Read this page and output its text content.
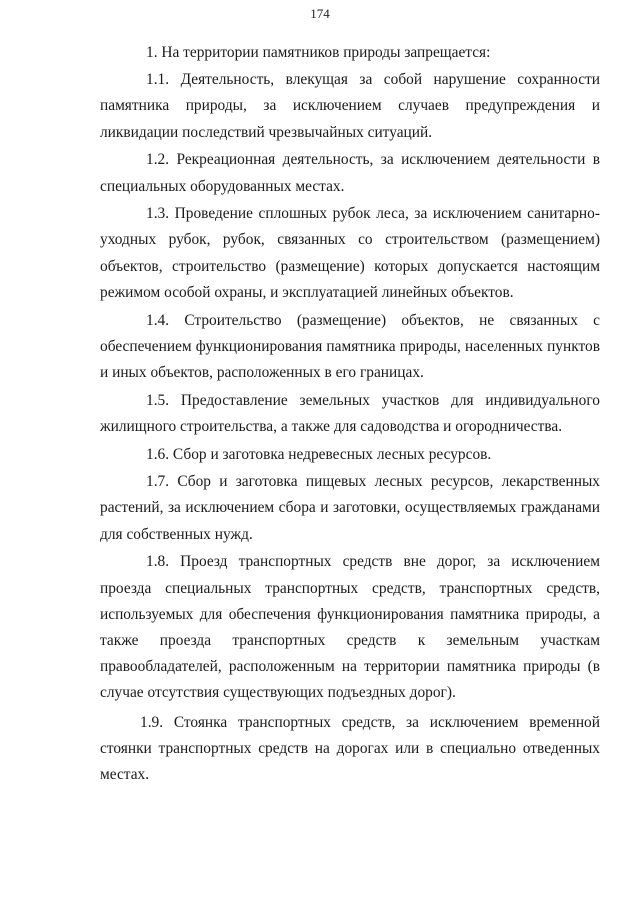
174

1. На территории памятников природы запрещается:

1.1. Деятельность, влекущая за собой нарушение сохранности памятника природы, за исключением случаев предупреждения и ликвидации последствий чрезвычайных ситуаций.

1.2. Рекреационная деятельность, за исключением деятельности в специальных оборудованных местах.

1.3. Проведение сплошных рубок леса, за исключением санитарно-уходных рубок, рубок, связанных со строительством (размещением) объектов, строительство (размещение) которых допускается настоящим режимом особой охраны, и эксплуатацией линейных объектов.

1.4. Строительство (размещение) объектов, не связанных с обеспечением функционирования памятника природы, населенных пунктов и иных объектов, расположенных в его границах.

1.5. Предоставление земельных участков для индивидуального жилищного строительства, а также для садоводства и огородничества.

1.6. Сбор и заготовка недревесных лесных ресурсов.

1.7. Сбор и заготовка пищевых лесных ресурсов, лекарственных растений, за исключением сбора и заготовки, осуществляемых гражданами для собственных нужд.

1.8. Проезд транспортных средств вне дорог, за исключением проезда специальных транспортных средств, транспортных средств, используемых для обеспечения функционирования памятника природы, а также проезда транспортных средств к земельным участкам правообладателей, расположенным на территории памятника природы (в случае отсутствия существующих подъездных дорог).

1.9. Стоянка транспортных средств, за исключением временной стоянки транспортных средств на дорогах или в специально отведенных местах.
